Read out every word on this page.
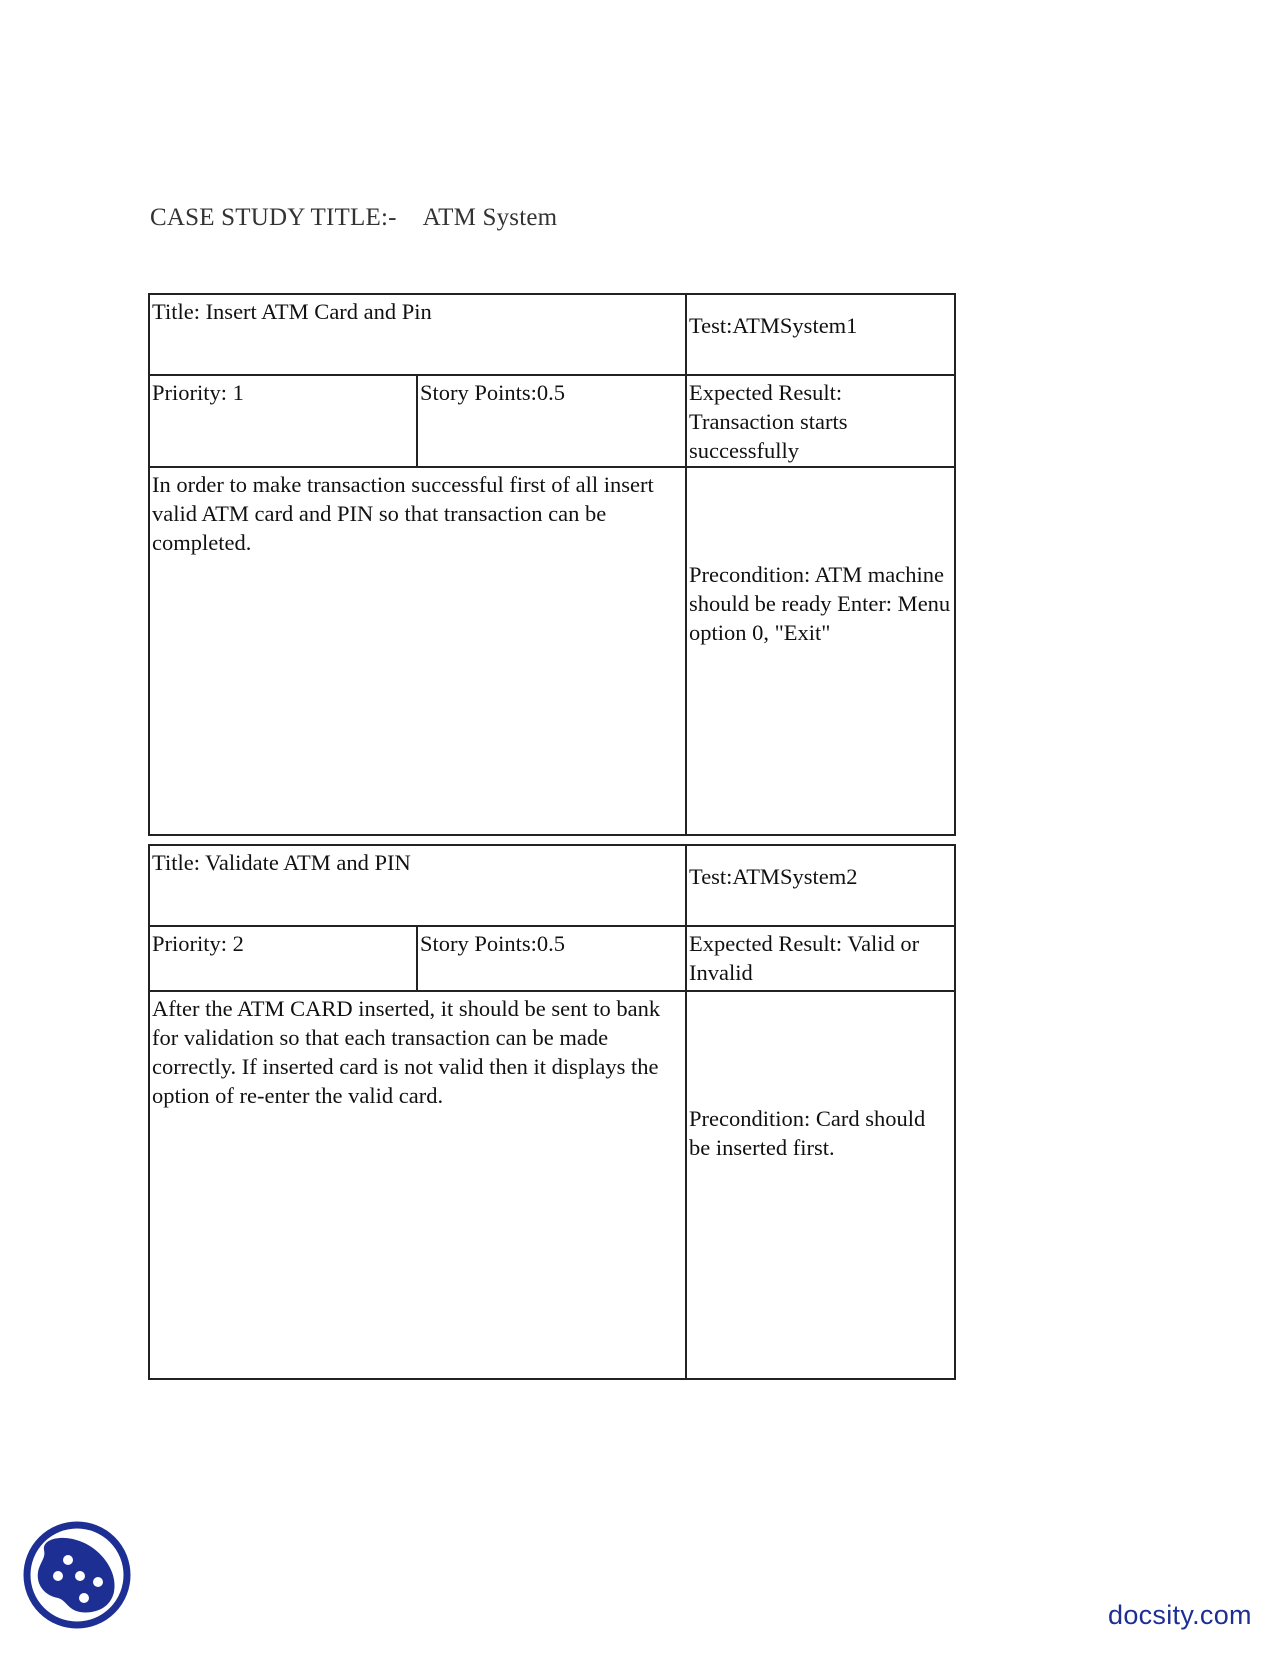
CASE STUDY TITLE:- ATM System
Title: Insert ATM Card and Pin		Test:ATMSystem1
Priority: 1	Story Points:0.5	Expected Result: Transaction starts successfully
In order to make transaction successful first of all insert valid ATM card and PIN so that transaction can be completed.		Precondition: ATM machine should be ready Enter: Menu option 0, "Exit"
Title: Validate ATM and PIN		Test:ATMSystem2
Priority: 2	Story Points:0.5	Expected Result: Valid or Invalid
After the ATM CARD inserted, it should be sent to bank for validation so that each transaction can be made correctly. If inserted card is not valid then it displays the option of re-enter the valid card.		Precondition: Card should be inserted first.
docsity.com
